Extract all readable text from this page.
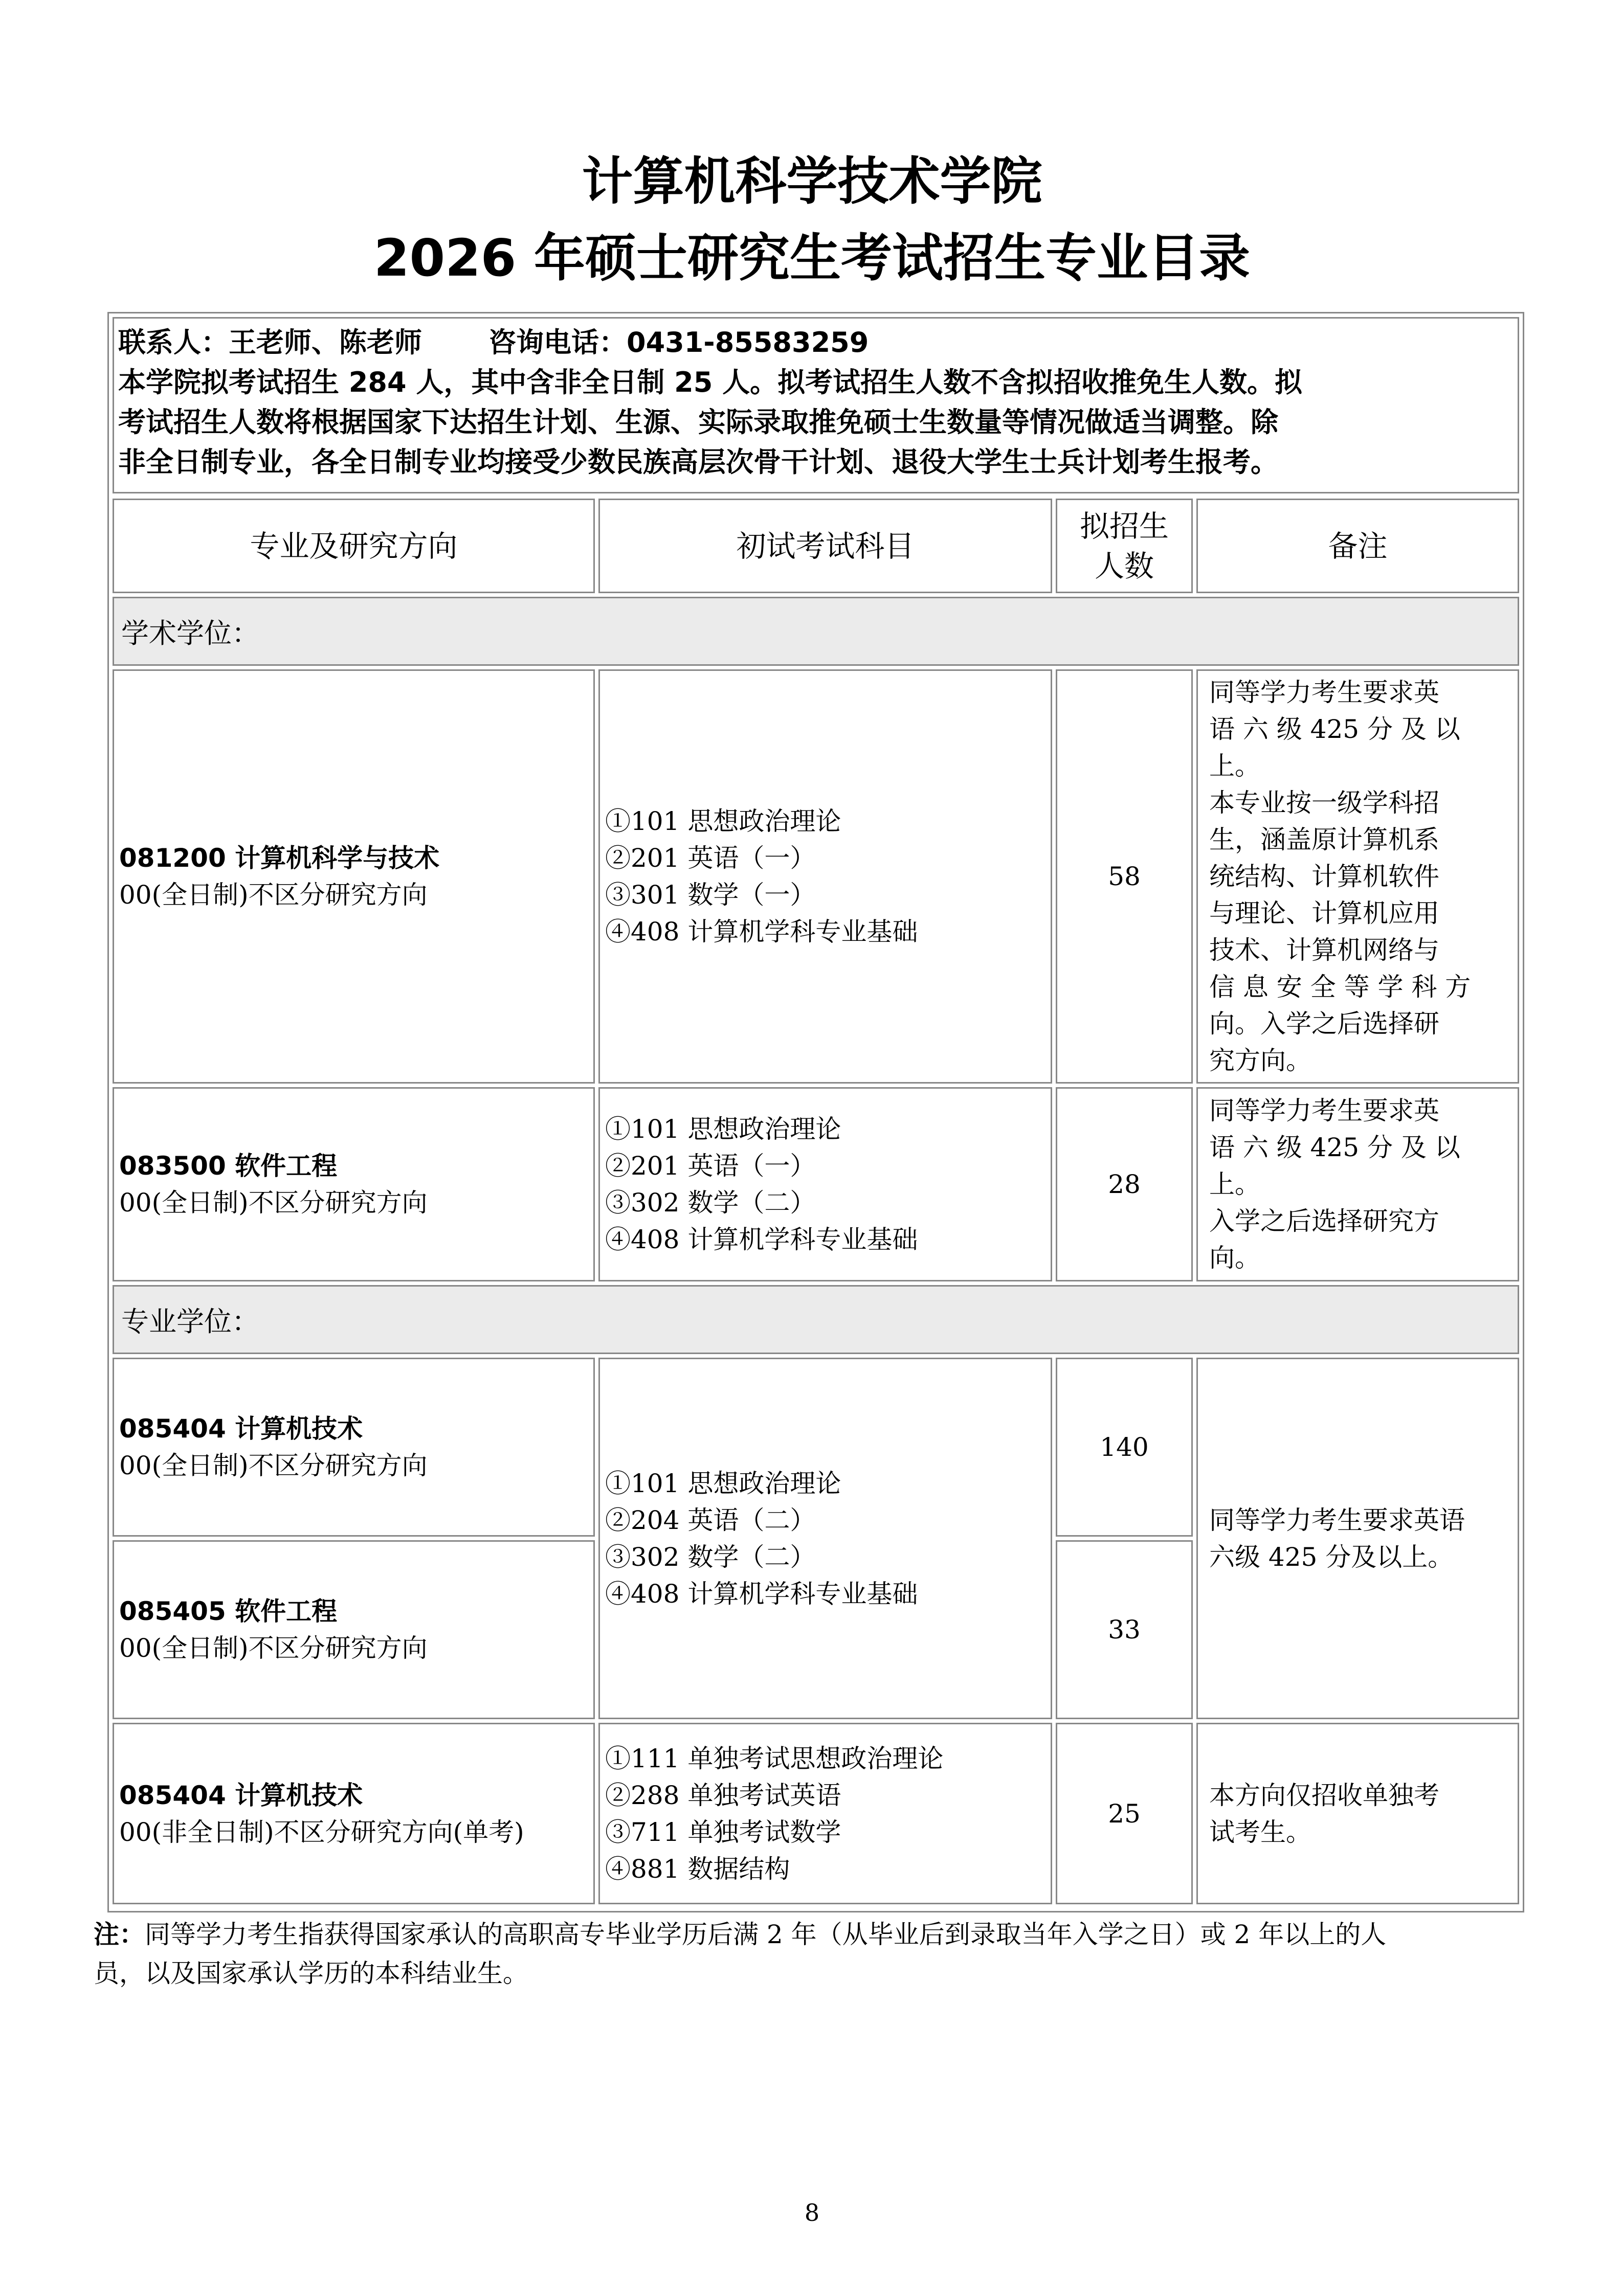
计算机科学技术学院
2026 年硕士研究生考试招生专业目录
联系人：王老师、陈老师 咨询电话：0431-85583259
本学院拟考试招生 284 人，其中含非全日制 25 人。拟考试招生人数不含拟招收推免生人数。拟
考试招生人数将根据国家下达招生计划、生源、实际录取推免硕士生数量等情况做适当调整。除
非全日制专业，各全日制专业均接受少数民族高层次骨干计划、退役大学生士兵计划考生报考。
专业及研究方向	初试考试科目
拟招生
人数
备注
学术学位：
081200 计算机科学与技术
00(全日制)不区分研究方向
①101 思想政治理论
②201 英语（一）
③301 数学（一）
④408 计算机学科专业基础
58
同等学力考生要求英
语 六 级 425 分 及 以
上。
本专业按一级学科招
生，涵盖原计算机系
统结构、计算机软件
与理论、计算机应用
技术、计算机网络与
信 息 安 全 等 学 科 方
向。入学之后选择研
究方向。
083500 软件工程
00(全日制)不区分研究方向
①101 思想政治理论
②201 英语（一）
③302 数学（二）
④408 计算机学科专业基础
28
同等学力考生要求英
语 六 级 425 分 及 以
上。
入学之后选择研究方
向。
专业学位：
085404 计算机技术
00(全日制)不区分研究方向
085405 软件工程
00(全日制)不区分研究方向
①101 思想政治理论
②204 英语（二）
③302 数学（二）
④408 计算机学科专业基础
140
33
同等学力考生要求英语
六级 425 分及以上。
085404 计算机技术
00(非全日制)不区分研究方向(单考)
①111 单独考试思想政治理论
②288 单独考试英语
③711 单独考试数学
④881 数据结构
25
本方向仅招收单独考
试考生。
注：同等学力考生指获得国家承认的高职高专毕业学历后满 2 年（从毕业后到录取当年入学之日）或 2 年以上的人
员，以及国家承认学历的本科结业生。
8
